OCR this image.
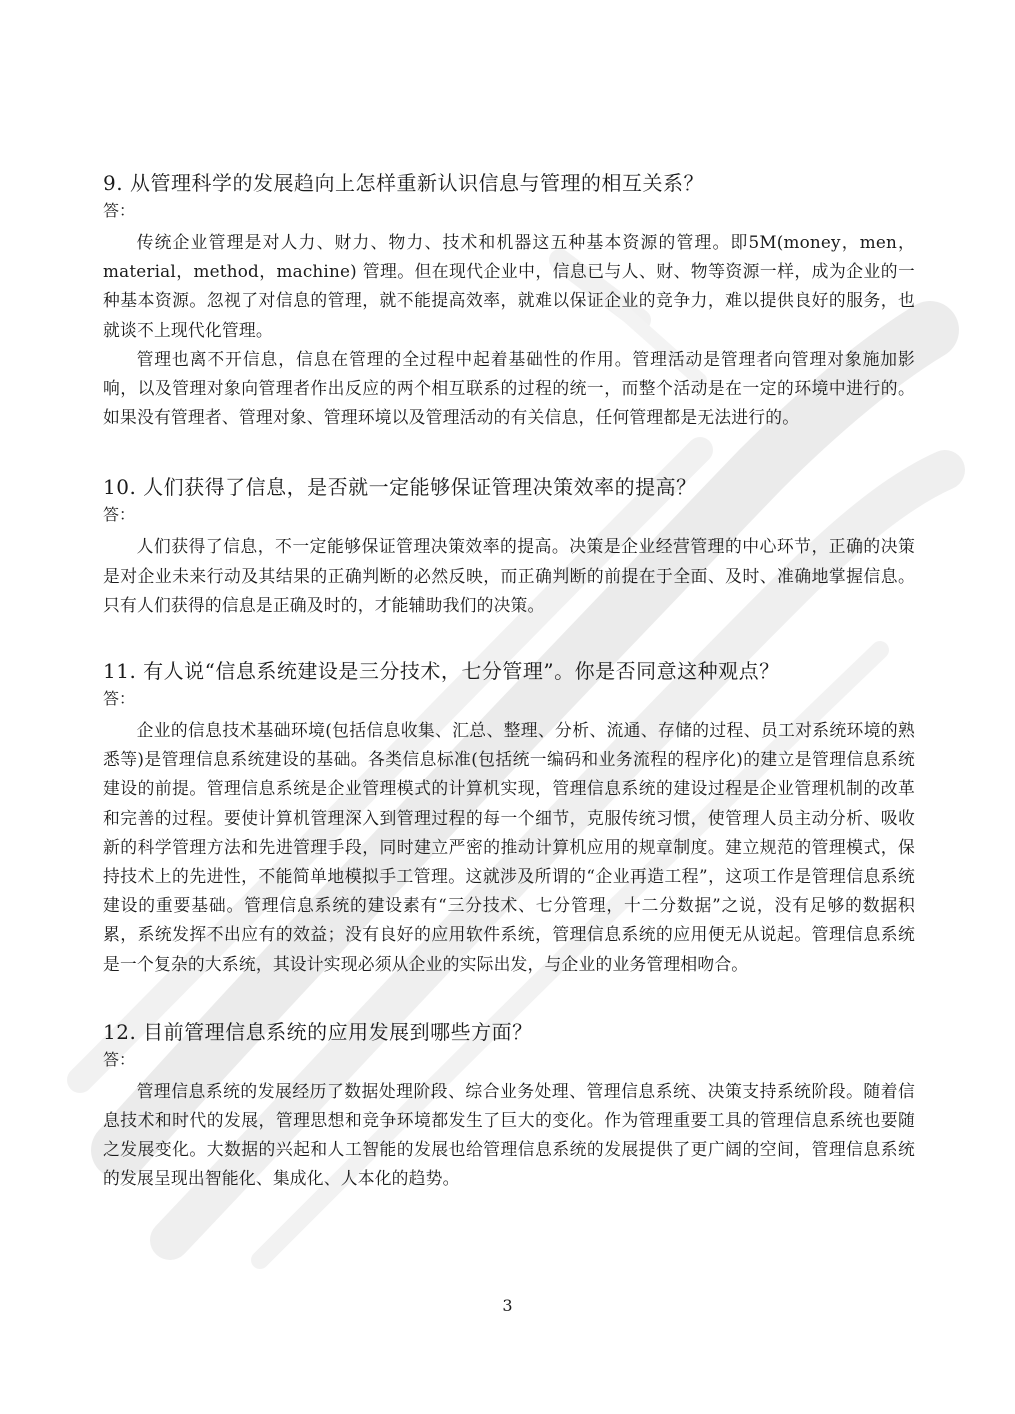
9. 从管理科学的发展趋向上怎样重新认识信息与管理的相互关系？

答：

传统企业管理是对人力、财力、物力、技术和机器这五种基本资源的管理。即5M(money，men，material，method，machine) 管理。但在现代企业中，信息已与人、财、物等资源一样，成为企业的一种基本资源。忽视了对信息的管理，就不能提高效率，就难以保证企业的竞争力，难以提供良好的服务，也就谈不上现代化管理。

管理也离不开信息，信息在管理的全过程中起着基础性的作用。管理活动是管理者向管理对象施加影响，以及管理对象向管理者作出反应的两个相互联系的过程的统一，而整个活动是在一定的环境中进行的。如果没有管理者、管理对象、管理环境以及管理活动的有关信息，任何管理都是无法进行的。

10. 人们获得了信息，是否就一定能够保证管理决策效率的提高？

答：

人们获得了信息，不一定能够保证管理决策效率的提高。决策是企业经营管理的中心环节，正确的决策是对企业未来行动及其结果的正确判断的必然反映，而正确判断的前提在于全面、及时、准确地掌握信息。只有人们获得的信息是正确及时的，才能辅助我们的决策。

11. 有人说“信息系统建设是三分技术，七分管理”。你是否同意这种观点？

答：

企业的信息技术基础环境(包括信息收集、汇总、整理、分析、流通、存储的过程、员工对系统环境的熟悉等)是管理信息系统建设的基础。各类信息标准(包括统一编码和业务流程的程序化)的建立是管理信息系统建设的前提。管理信息系统是企业管理模式的计算机实现，管理信息系统的建设过程是企业管理机制的改革和完善的过程。要使计算机管理深入到管理过程的每一个细节，克服传统习惯，使管理人员主动分析、吸收新的科学管理方法和先进管理手段，同时建立严密的推动计算机应用的规章制度。建立规范的管理模式，保持技术上的先进性，不能简单地模拟手工管理。这就涉及所谓的“企业再造工程”，这项工作是管理信息系统建设的重要基础。管理信息系统的建设素有“三分技术、七分管理，十二分数据”之说，没有足够的数据积累，系统发挥不出应有的效益；没有良好的应用软件系统，管理信息系统的应用便无从说起。管理信息系统是一个复杂的大系统，其设计实现必须从企业的实际出发，与企业的业务管理相吻合。

12. 目前管理信息系统的应用发展到哪些方面？

答：

管理信息系统的发展经历了数据处理阶段、综合业务处理、管理信息系统、决策支持系统阶段。随着信息技术和时代的发展，管理思想和竞争环境都发生了巨大的变化。作为管理重要工具的管理信息系统也要随之发展变化。大数据的兴起和人工智能的发展也给管理信息系统的发展提供了更广阔的空间，管理信息系统的发展呈现出智能化、集成化、人本化的趋势。

3
